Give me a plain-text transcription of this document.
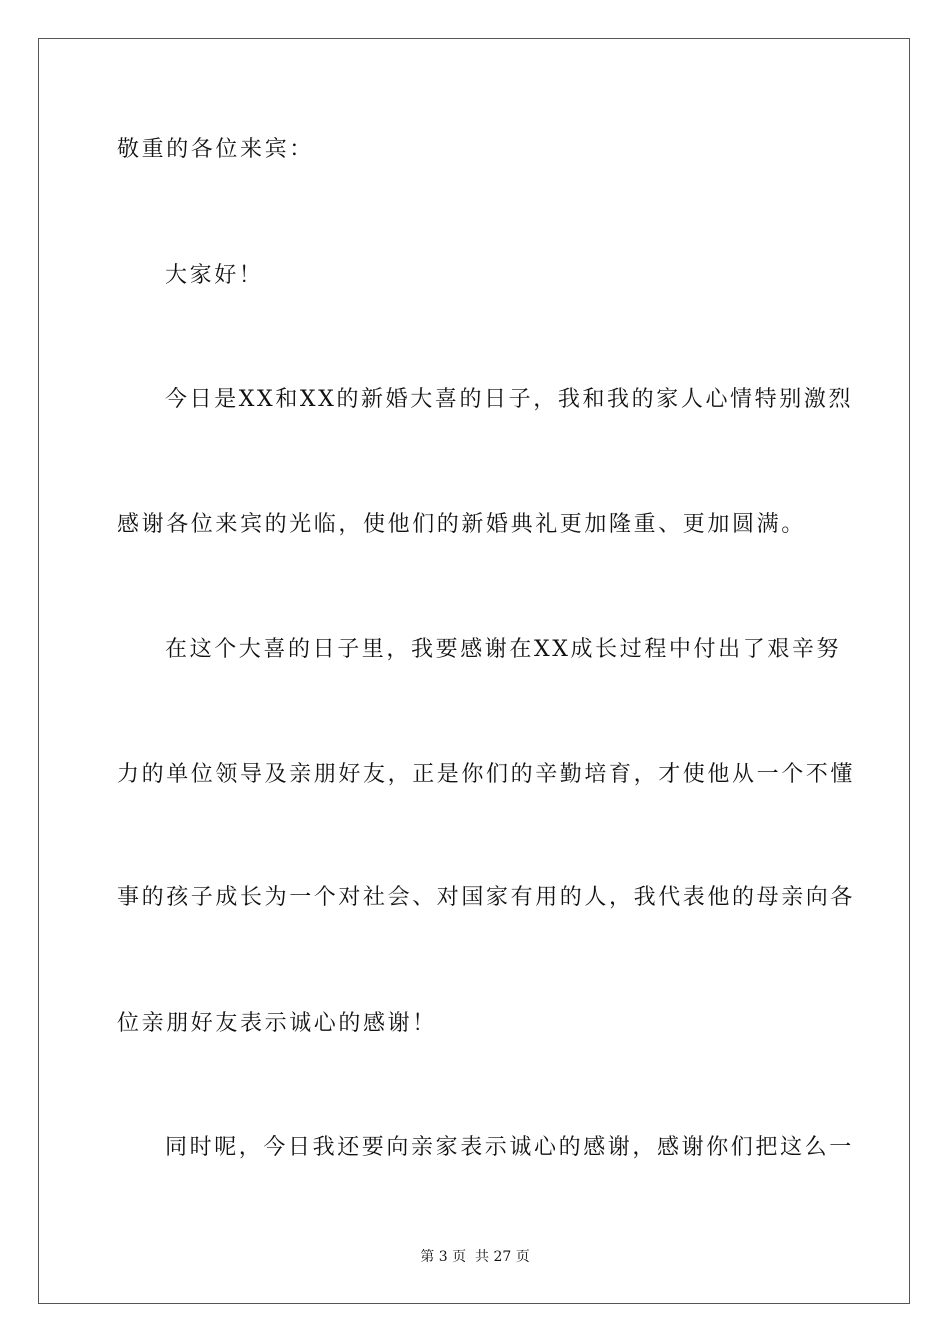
敬重的各位来宾：
大家好！
今日是XX和XX的新婚大喜的日子，我和我的家人心情特别激烈
感谢各位来宾的光临，使他们的新婚典礼更加隆重、更加圆满。
在这个大喜的日子里，我要感谢在XX成长过程中付出了艰辛努
力的单位领导及亲朋好友，正是你们的辛勤培育，才使他从一个不懂
事的孩子成长为一个对社会、对国家有用的人，我代表他的母亲向各
位亲朋好友表示诚心的感谢！
同时呢，今日我还要向亲家表示诚心的感谢，感谢你们把这么一
第 3 页  共 27 页
